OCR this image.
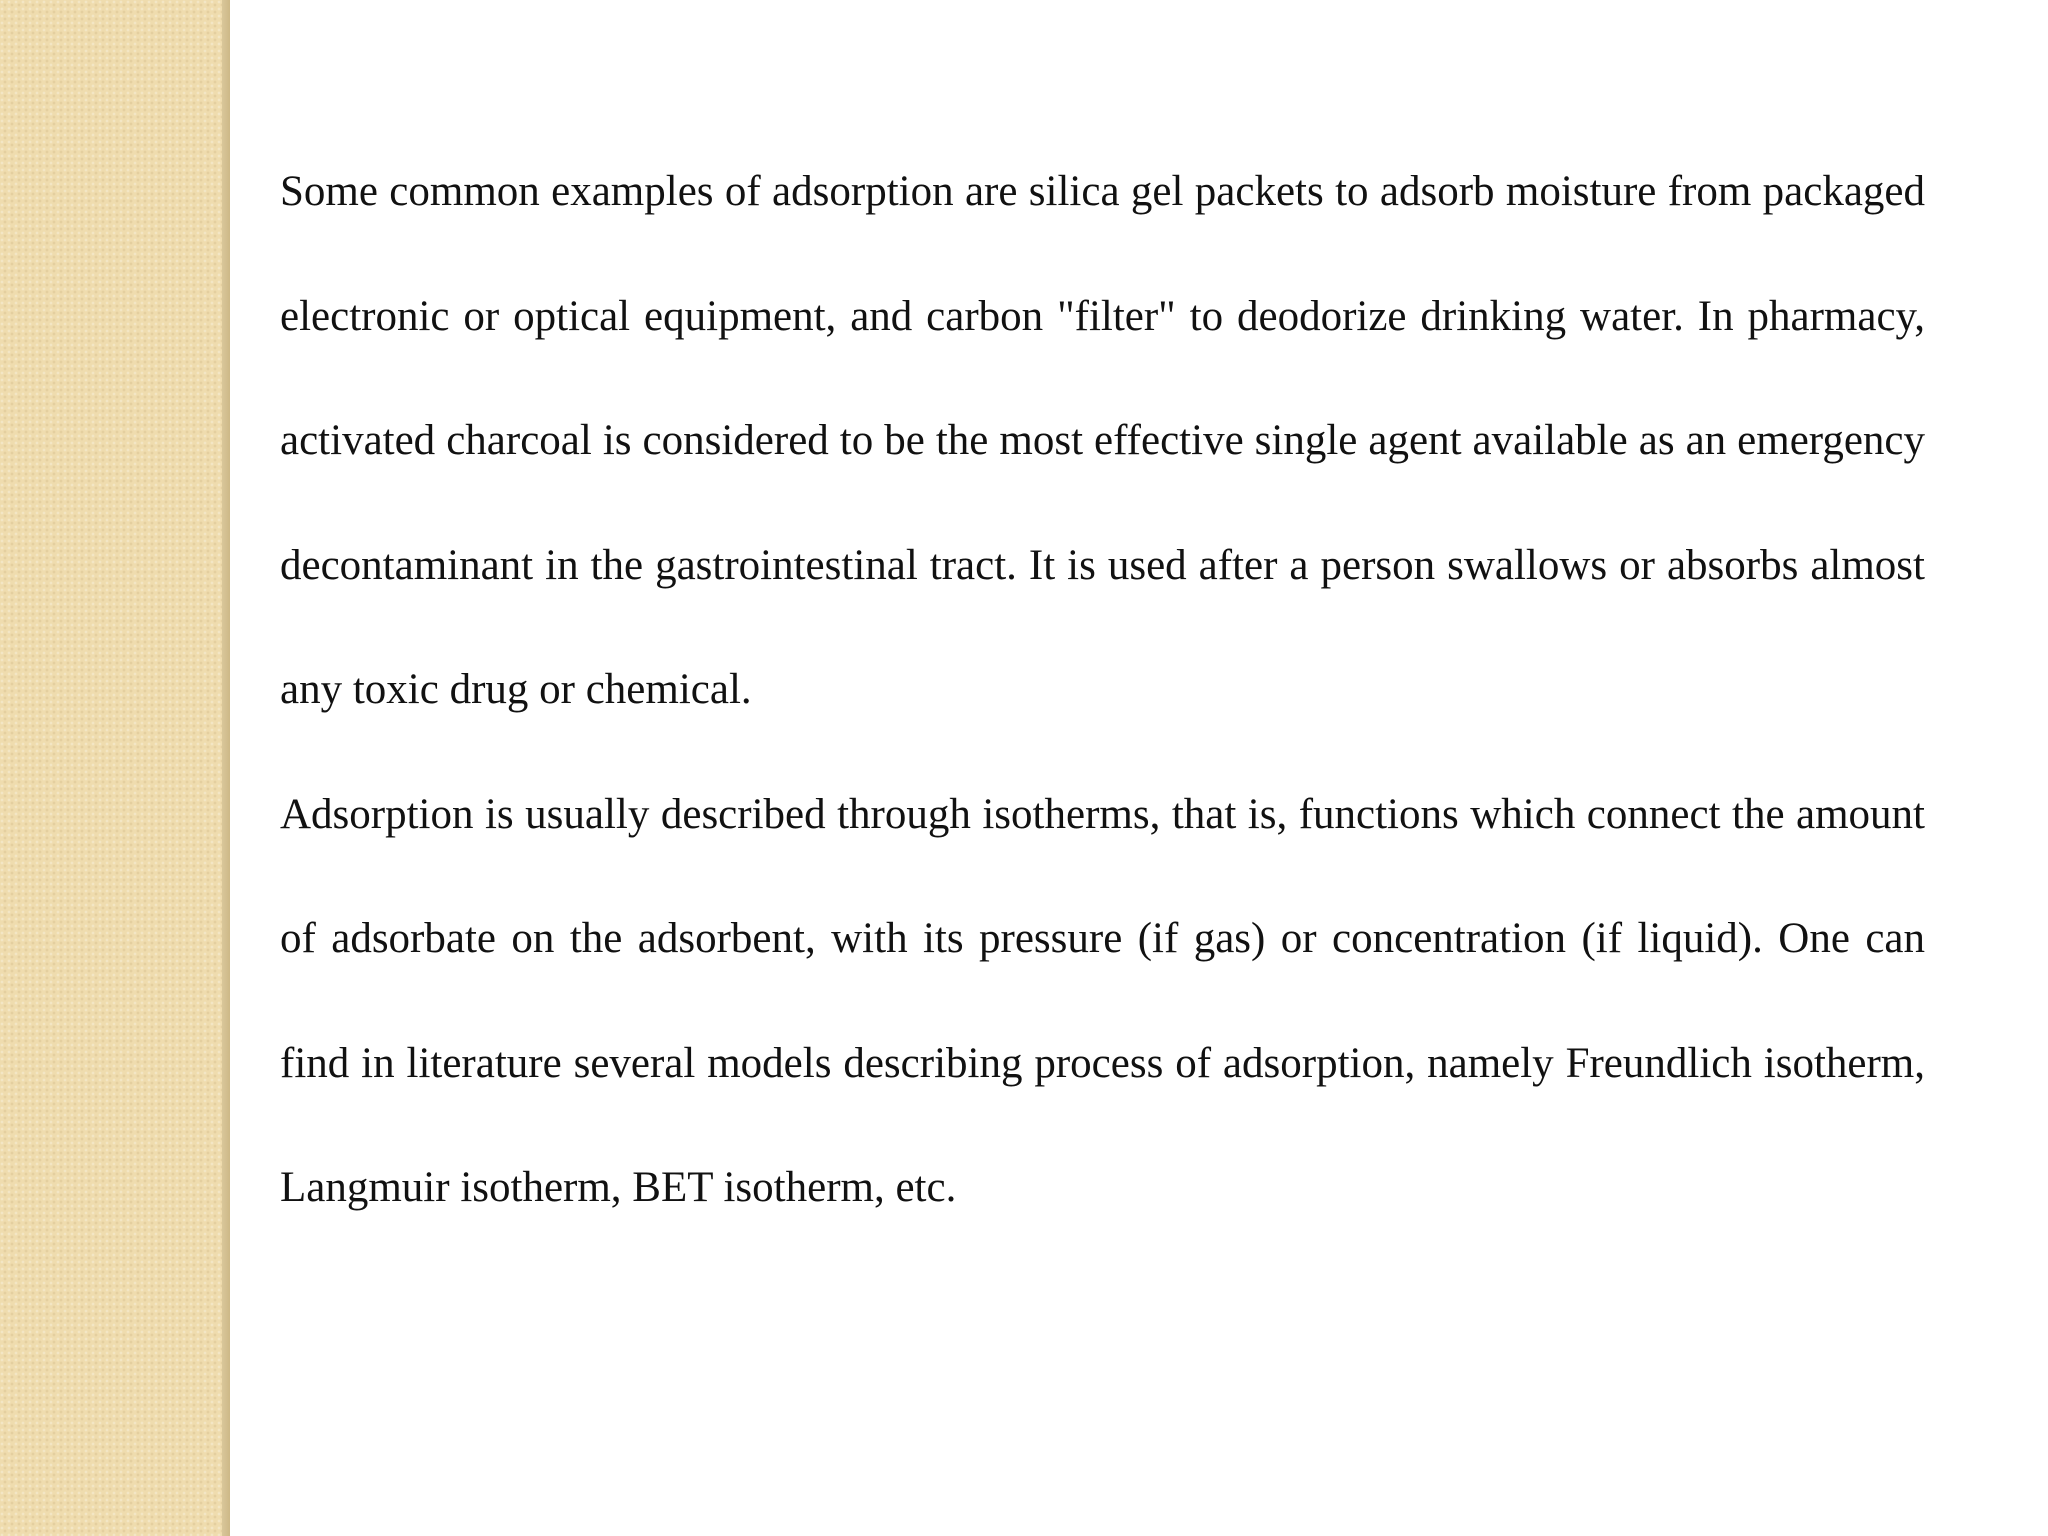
Some common examples of adsorption are silica gel packets to adsorb moisture from packaged electronic or optical equipment, and carbon "filter" to deodorize drinking water. In pharmacy, activated charcoal is considered to be the most effective single agent available as an emergency decontaminant in the gastrointestinal tract. It is used after a person swallows or absorbs almost any toxic drug or chemical.

Adsorption is usually described through isotherms, that is, functions which connect the amount of adsorbate on the adsorbent, with its pressure (if gas) or concentration (if liquid). One can find in literature several models describing process of adsorption, namely Freundlich isotherm, Langmuir isotherm, BET isotherm, etc.
